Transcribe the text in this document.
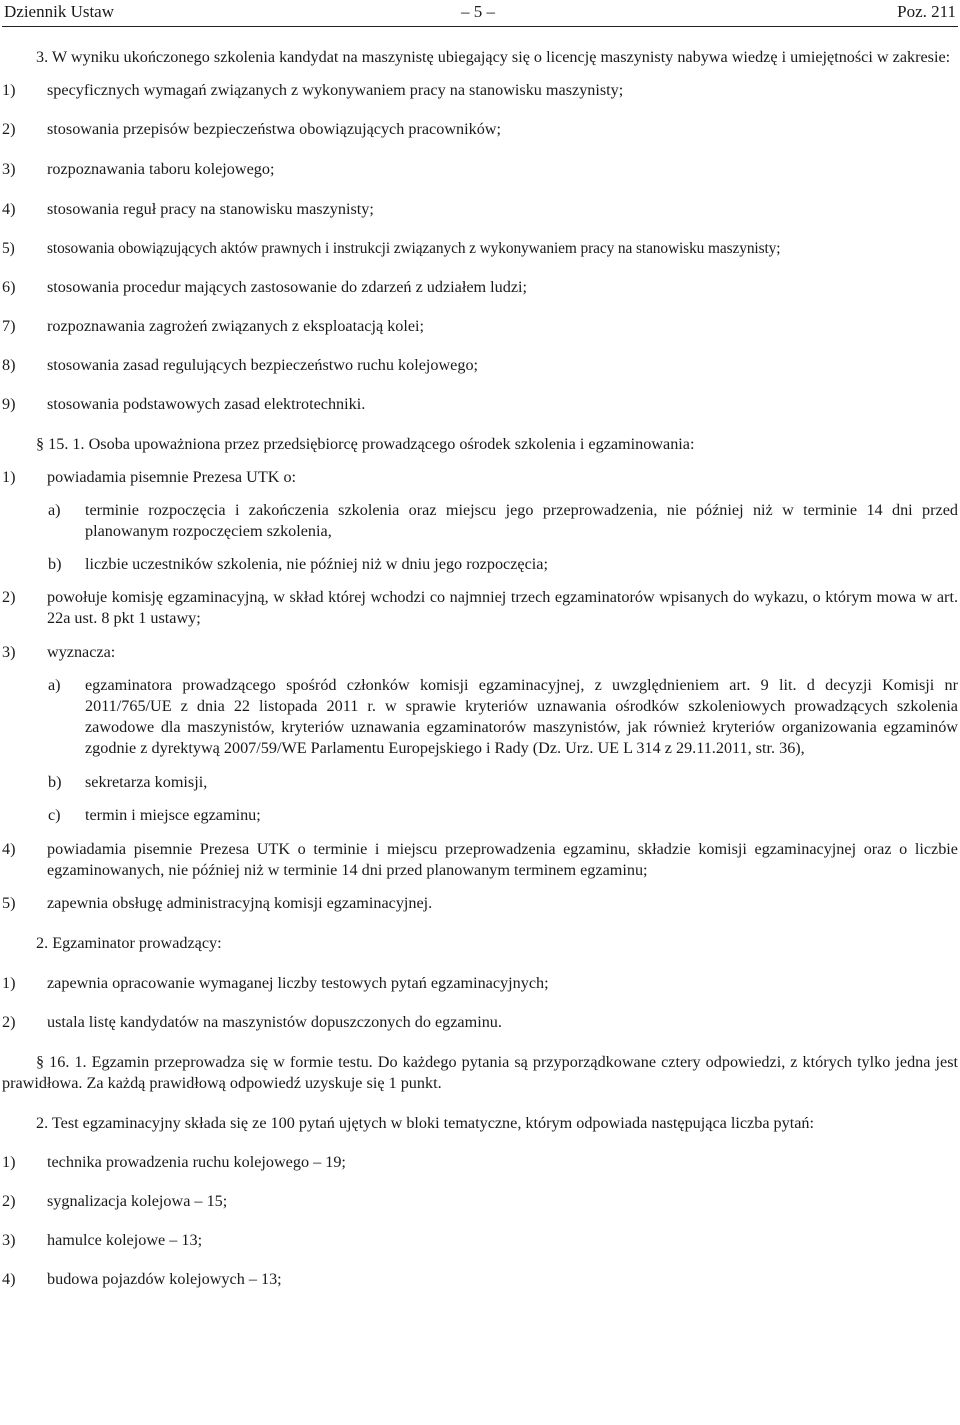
Dziennik Ustaw	– 5 –	Poz. 211
3. W wyniku ukończonego szkolenia kandydat na maszynistę ubiegający się o licencję maszynisty nabywa wiedzę i umiejętności w zakresie:
1) specyficznych wymagań związanych z wykonywaniem pracy na stanowisku maszynisty;
2) stosowania przepisów bezpieczeństwa obowiązujących pracowników;
3) rozpoznawania taboru kolejowego;
4) stosowania reguł pracy na stanowisku maszynisty;
5) stosowania obowiązujących aktów prawnych i instrukcji związanych z wykonywaniem pracy na stanowisku maszynisty;
6) stosowania procedur mających zastosowanie do zdarzeń z udziałem ludzi;
7) rozpoznawania zagrożeń związanych z eksploatacją kolei;
8) stosowania zasad regulujących bezpieczeństwo ruchu kolejowego;
9) stosowania podstawowych zasad elektrotechniki.
§ 15. 1. Osoba upoważniona przez przedsiębiorcę prowadzącego ośrodek szkolenia i egzaminowania:
1) powiadamia pisemnie Prezesa UTK o:
a) terminie rozpoczęcia i zakończenia szkolenia oraz miejscu jego przeprowadzenia, nie później niż w terminie 14 dni przed planowanym rozpoczęciem szkolenia,
b) liczbie uczestników szkolenia, nie później niż w dniu jego rozpoczęcia;
2) powołuje komisję egzaminacyjną, w skład której wchodzi co najmniej trzech egzaminatorów wpisanych do wykazu, o którym mowa w art. 22a ust. 8 pkt 1 ustawy;
3) wyznacza:
a) egzaminatora prowadzącego spośród członków komisji egzaminacyjnej, z uwzględnieniem art. 9 lit. d decyzji Komisji nr 2011/765/UE z dnia 22 listopada 2011 r. w sprawie kryteriów uznawania ośrodków szkoleniowych prowadzących szkolenia zawodowe dla maszynistów, kryteriów uznawania egzaminatorów maszynistów, jak również kryteriów organizowania egzaminów zgodnie z dyrektywą 2007/59/WE Parlamentu Europejskiego i Rady (Dz. Urz. UE L 314 z 29.11.2011, str. 36),
b) sekretarza komisji,
c) termin i miejsce egzaminu;
4) powiadamia pisemnie Prezesa UTK o terminie i miejscu przeprowadzenia egzaminu, składzie komisji egzaminacyjnej oraz o liczbie egzaminowanych, nie później niż w terminie 14 dni przed planowanym terminem egzaminu;
5) zapewnia obsługę administracyjną komisji egzaminacyjnej.
2. Egzaminator prowadzący:
1) zapewnia opracowanie wymaganej liczby testowych pytań egzaminacyjnych;
2) ustala listę kandydatów na maszynistów dopuszczonych do egzaminu.
§ 16. 1. Egzamin przeprowadza się w formie testu. Do każdego pytania są przyporządkowane cztery odpowiedzi, z których tylko jedna jest prawidłowa. Za każdą prawidłową odpowiedź uzyskuje się 1 punkt.
2. Test egzaminacyjny składa się ze 100 pytań ujętych w bloki tematyczne, którym odpowiada następująca liczba pytań:
1) technika prowadzenia ruchu kolejowego – 19;
2) sygnalizacja kolejowa – 15;
3) hamulce kolejowe – 13;
4) budowa pojazdów kolejowych – 13;
